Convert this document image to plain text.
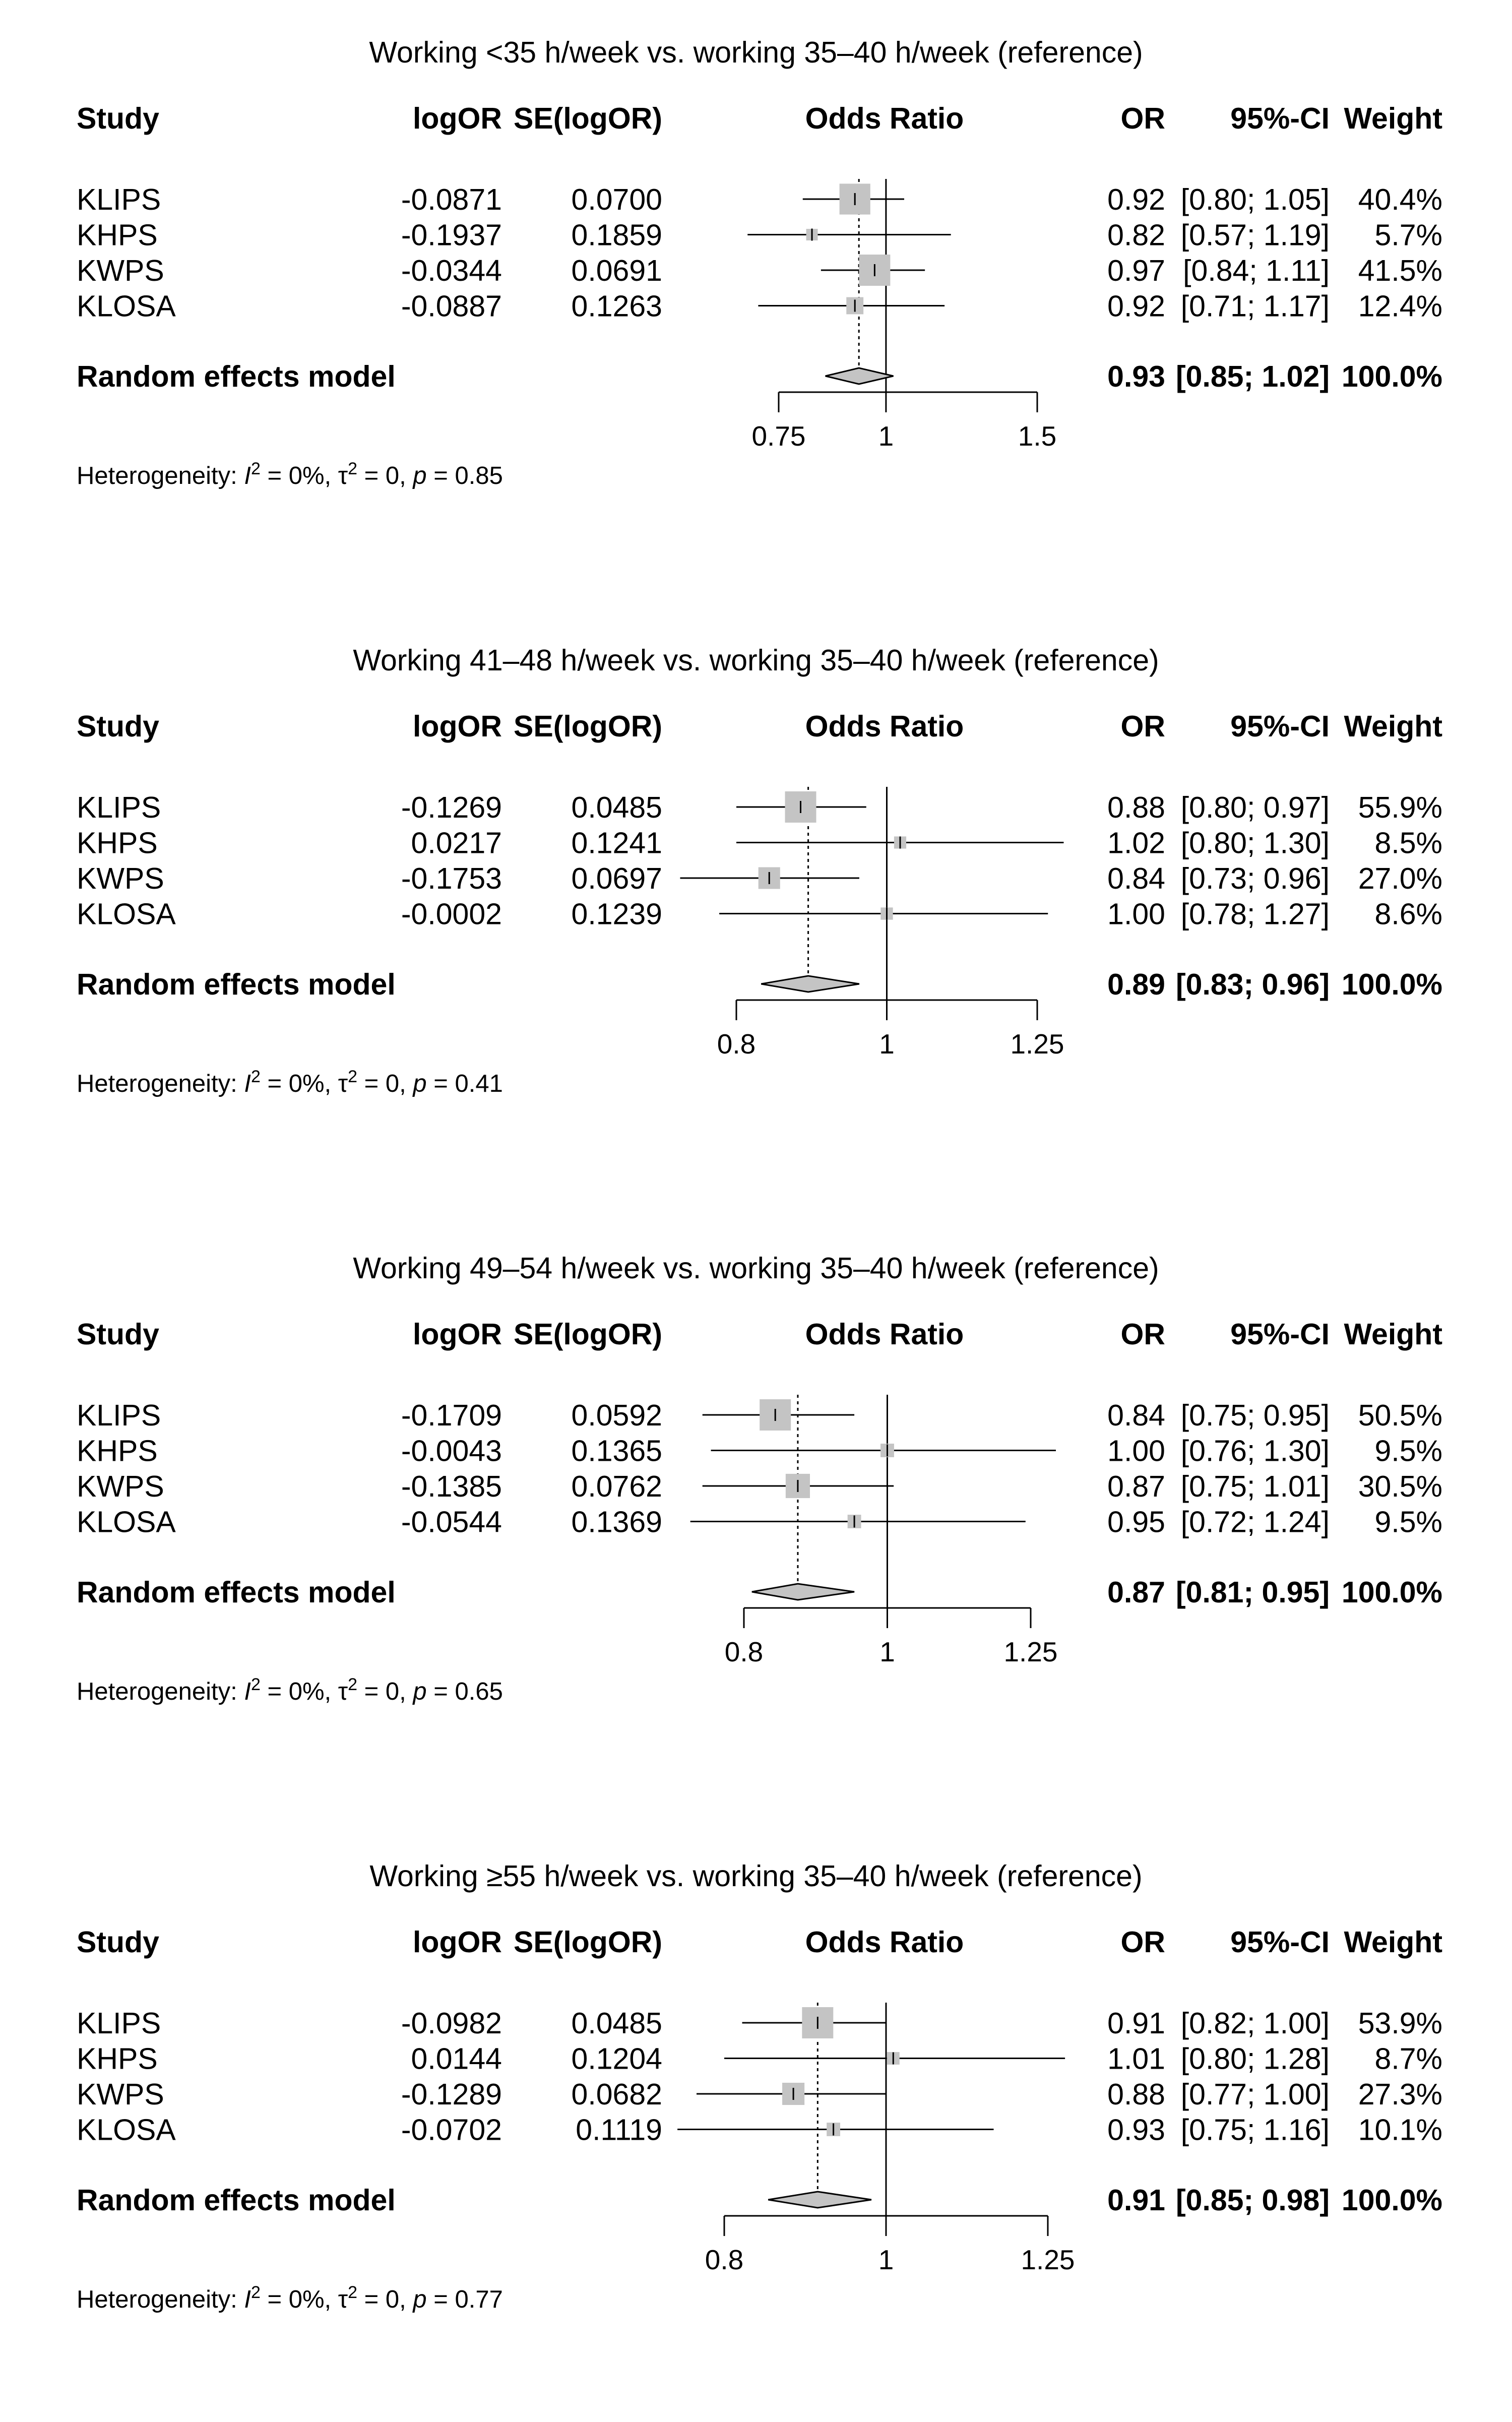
Working <35 h/week vs. working 35–40 h/week (reference)
Study	logOR SE(logOR)	Odds Ratio	OR 95%-CI Weight
KLIPS	-0.0871 0.0700	0.92 [0.80; 1.05] 40.4%
KHPS	-0.1937 0.1859	0.82 [0.57; 1.19] 5.7%
KWPS	-0.0344 0.0691	0.97 [0.84; 1.11] 41.5%
KLOSA	-0.0887 0.1263	0.92 [0.71; 1.17] 12.4%
Random effects model	0.93 [0.85; 1.02] 100.0%
0.75	1	1.5
Heterogeneity: $I^2 = 0\%$, $\tau^2 = 0$, p = 0.85
Working 41–48 h/week vs. working 35–40 h/week (reference)
Study	logOR SE(logOR)	Odds Ratio	OR 95%-CI Weight
KLIPS	-0.1269 0.0485	0.88 [0.80; 0.97] 55.9%
KHPS	0.0217 0.1241	1.02 [0.80; 1.30] 8.5%
KWPS	-0.1753 0.0697	0.84 [0.73; 0.96] 27.0%
KLOSA	-0.0002 0.1239	1.00 [0.78; 1.27] 8.6%
Random effects model	0.89 [0.83; 0.96] 100.0%
0.8	1	1.25
Heterogeneity: $I^2 = 0\%$, $\tau^2 = 0$, p = 0.41
Working 49–54 h/week vs. working 35–40 h/week (reference)
Study	logOR SE(logOR)	Odds Ratio	OR 95%-CI Weight
KLIPS	-0.1709 0.0592	0.84 [0.75; 0.95] 50.5%
KHPS	-0.0043 0.1365	1.00 [0.76; 1.30] 9.5%
KWPS	-0.1385 0.0762	0.87 [0.75; 1.01] 30.5%
KLOSA	-0.0544 0.1369	0.95 [0.72; 1.24] 9.5%
Random effects model	0.87 [0.81; 0.95] 100.0%
0.8	1	1.25
Heterogeneity: $I^2 = 0\%$, $\tau^2 = 0$, p = 0.65
Working ≥55 h/week vs. working 35–40 h/week (reference)
Study	logOR SE(logOR)	Odds Ratio	OR 95%-CI Weight
KLIPS	-0.0982 0.0485	0.91 [0.82; 1.00] 53.9%
KHPS	0.0144 0.1204	1.01 [0.80; 1.28] 8.7%
KWPS	-0.1289 0.0682	0.88 [0.77; 1.00] 27.3%
KLOSA	-0.0702 0.1119	0.93 [0.75; 1.16] 10.1%
Random effects model	0.91 [0.85; 0.98] 100.0%
0.8	1	1.25
Heterogeneity: $I^2 = 0\%$, $\tau^2 = 0$, p = 0.77
